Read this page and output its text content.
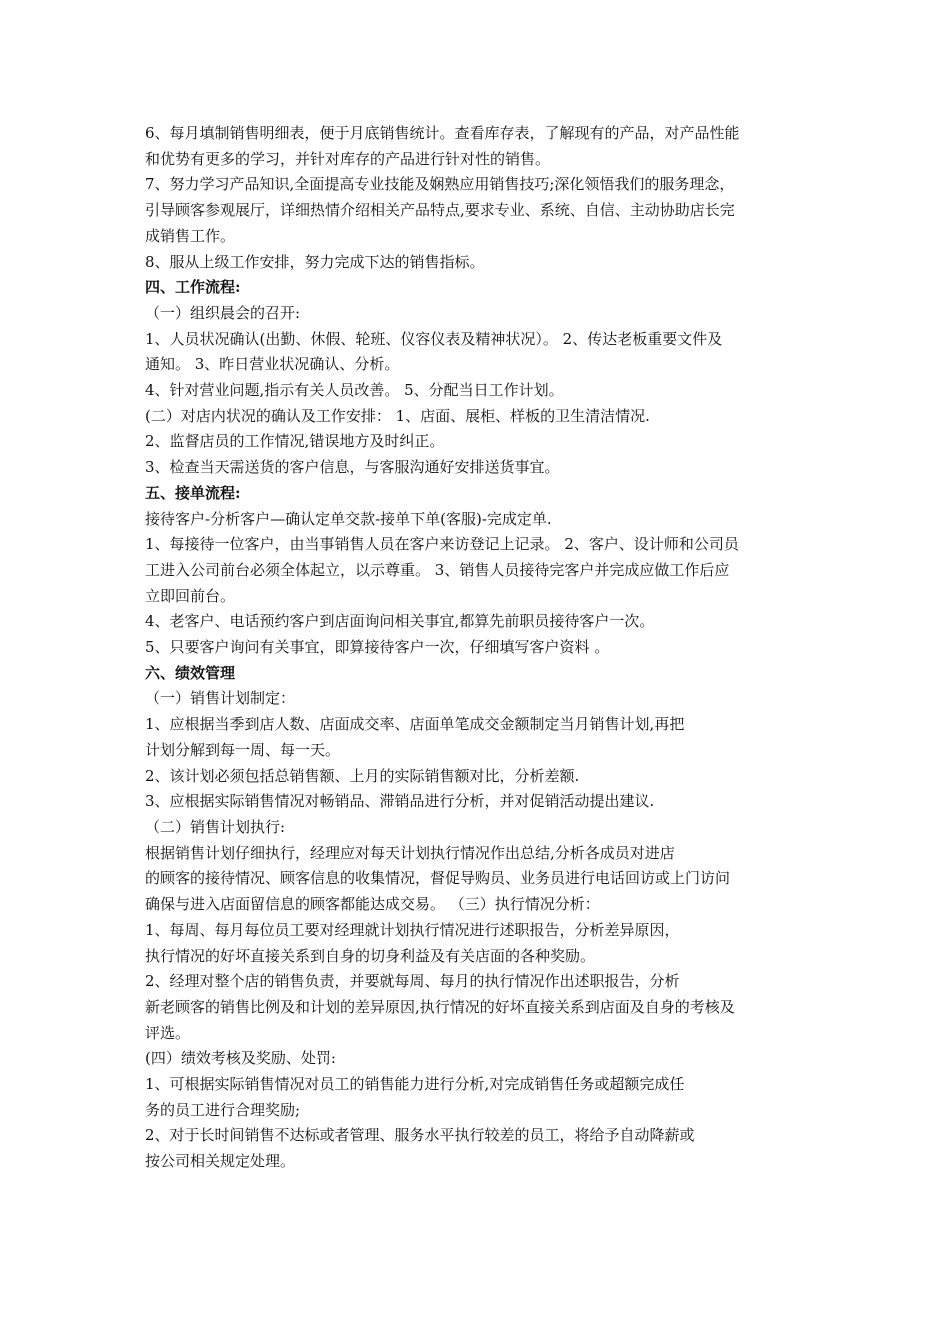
6、每月填制销售明细表，便于月底销售统计。查看库存表，了解现有的产品，对产品性能

和优势有更多的学习，并针对库存的产品进行针对性的销售。

7、努力学习产品知识,全面提高专业技能及娴熟应用销售技巧;深化领悟我们的服务理念，

引导顾客参观展厅，详细热情介绍相关产品特点,要求专业、系统、自信、主动协助店长完

成销售工作。

8、服从上级工作安排，努力完成下达的销售指标。

四、工作流程:

（一）组织晨会的召开:

1、人员状况确认(出勤、休假、轮班、仪容仪表及精神状况）。 2、传达老板重要文件及

通知。 3、昨日营业状况确认、分析。

4、针对营业问题,指示有关人员改善。 5、分配当日工作计划。

(二）对店内状况的确认及工作安排： 1、店面、展柜、样板的卫生清洁情况.

2、监督店员的工作情况,错误地方及时纠正。

3、检查当天需送货的客户信息，与客服沟通好安排送货事宜。

五、接单流程:

接待客户-分析客户—确认定单交款-接单下单(客服)-完成定单.

1、每接待一位客户，由当事销售人员在客户来访登记上记录。 2、客户、设计师和公司员

工进入公司前台必须全体起立，以示尊重。 3、销售人员接待完客户并完成应做工作后应

立即回前台。

4、老客户、电话预约客户到店面询问相关事宜,都算先前职员接待客户一次。

5、只要客户询问有关事宜，即算接待客户一次，仔细填写客户资料 。

六、绩效管理

（一）销售计划制定：

1、应根据当季到店人数、店面成交率、店面单笔成交金额制定当月销售计划,再把

计划分解到每一周、每一天。

2、该计划必须包括总销售额、上月的实际销售额对比，分析差额.

3、应根据实际销售情况对畅销品、滞销品进行分析，并对促销活动提出建议.

（二）销售计划执行:

根据销售计划仔细执行，经理应对每天计划执行情况作出总结,分析各成员对进店

的顾客的接待情况、顾客信息的收集情况，督促导购员、业务员进行电话回访或上门访问

确保与进入店面留信息的顾客都能达成交易。 （三）执行情况分析：

1、每周、每月每位员工要对经理就计划执行情况进行述职报告，分析差异原因，

执行情况的好坏直接关系到自身的切身利益及有关店面的各种奖励。

2、经理对整个店的销售负责，并要就每周、每月的执行情况作出述职报告，分析

新老顾客的销售比例及和计划的差异原因,执行情况的好坏直接关系到店面及自身的考核及

评选。

(四）绩效考核及奖励、处罚:

1、可根据实际销售情况对员工的销售能力进行分析,对完成销售任务或超额完成任

务的员工进行合理奖励;

2、对于长时间销售不达标或者管理、服务水平执行较差的员工，将给予自动降薪或

按公司相关规定处理。
